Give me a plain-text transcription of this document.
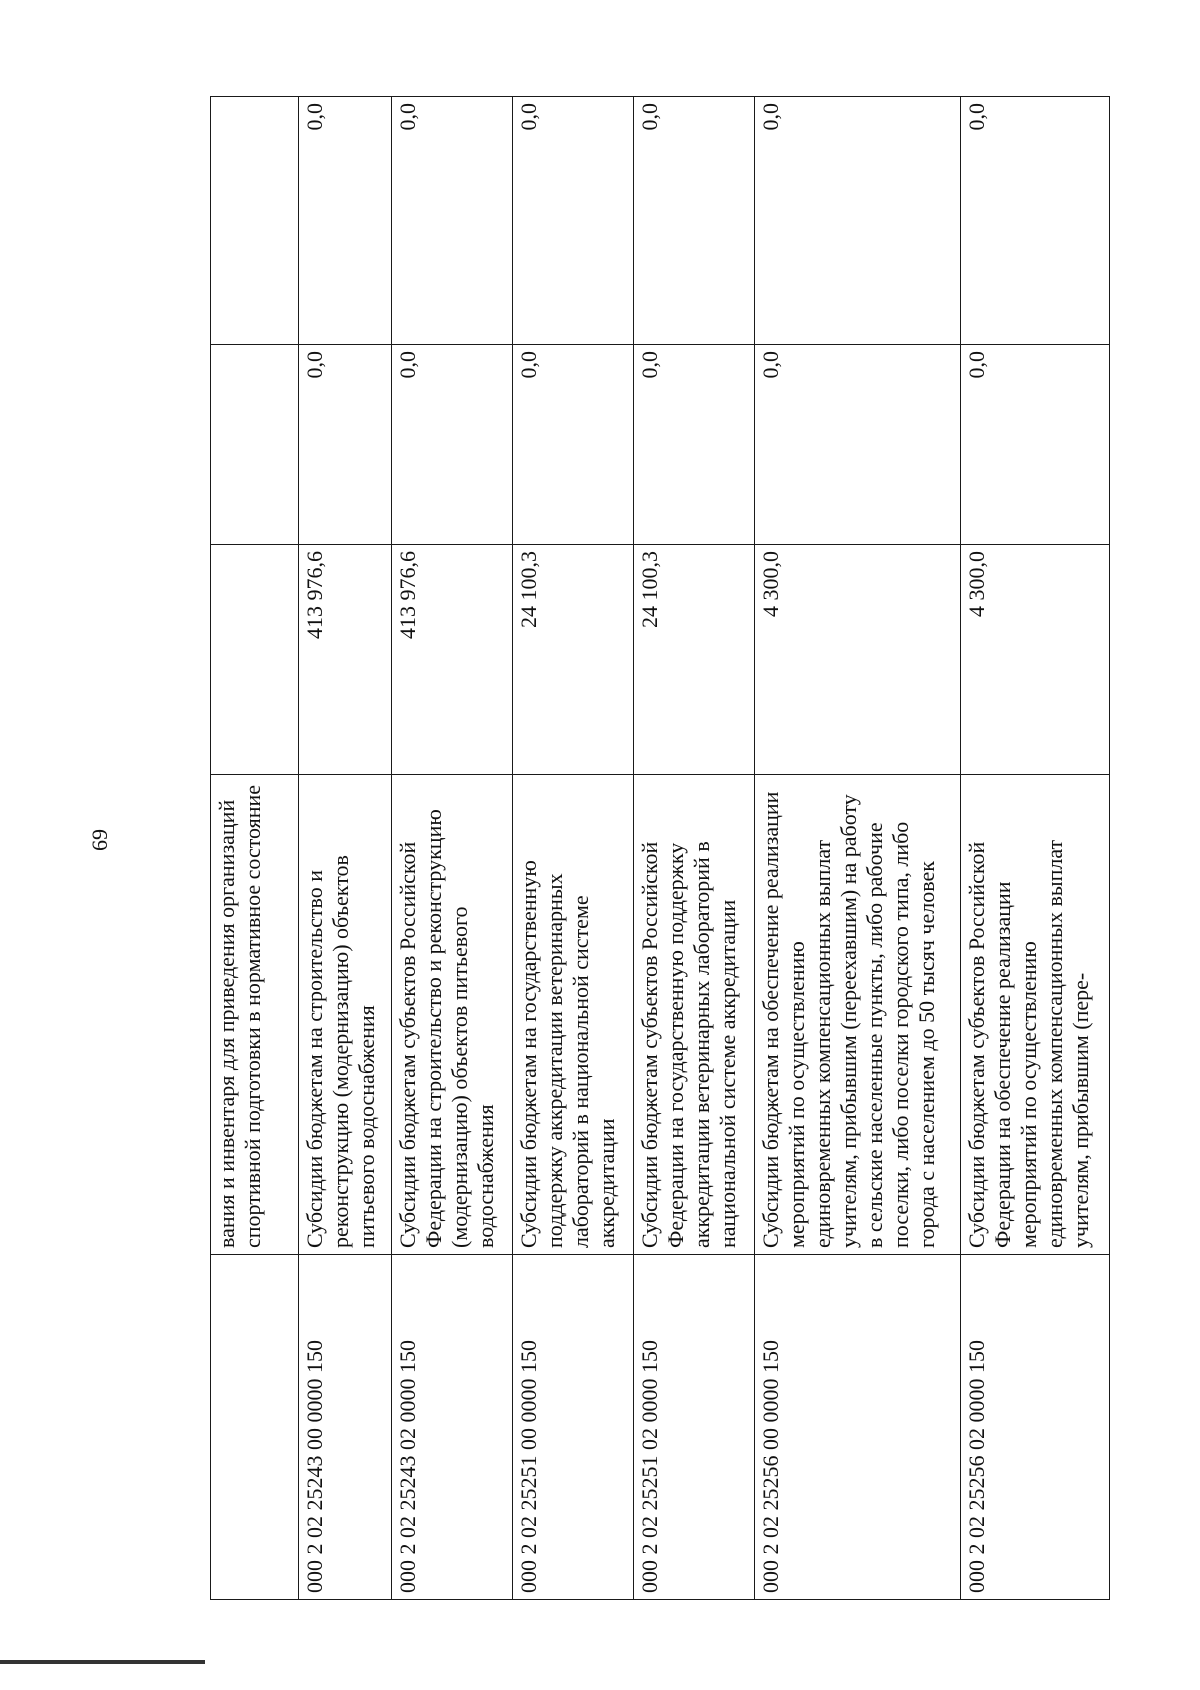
69
		вания и инвентаря для приведения организаций спортивной подготовки в нормативное состояние			
000 2 02 25243 00 0000 150	Субсидии бюджетам на строительство и реконструкцию (модернизацию) объектов питьевого водоснабжения	413 976,6	0,0	0,0
000 2 02 25243 02 0000 150	Субсидии бюджетам субъектов Российской Федерации на строительство и реконструкцию (модернизацию) объектов питьевого водоснабжения	413 976,6	0,0	0,0
000 2 02 25251 00 0000 150	Субсидии бюджетам на государственную поддержку аккредитации ветеринарных лабораторий в национальной системе аккредитации	24 100,3	0,0	0,0
000 2 02 25251 02 0000 150	Субсидии бюджетам субъектов Российской Федерации на государственную поддержку аккредитации ветеринарных лабораторий в национальной системе аккредитации	24 100,3	0,0	0,0
000 2 02 25256 00 0000 150	Субсидии бюджетам на обеспечение реализации мероприятий по осуществлению единовременных компенсационных выплат учителям, прибывшим (переехавшим) на работу в сельские населенные пункты, либо рабочие поселки, либо поселки городского типа, либо города с населением до 50 тысяч человек	4 300,0	0,0	0,0
000 2 02 25256 02 0000 150	Субсидии бюджетам субъектов Российской Федерации на обеспечение реализации мероприятий по осуществлению единовременных компенсационных выплат учителям, прибывшим (пере-	4 300,0	0,0	0,0
